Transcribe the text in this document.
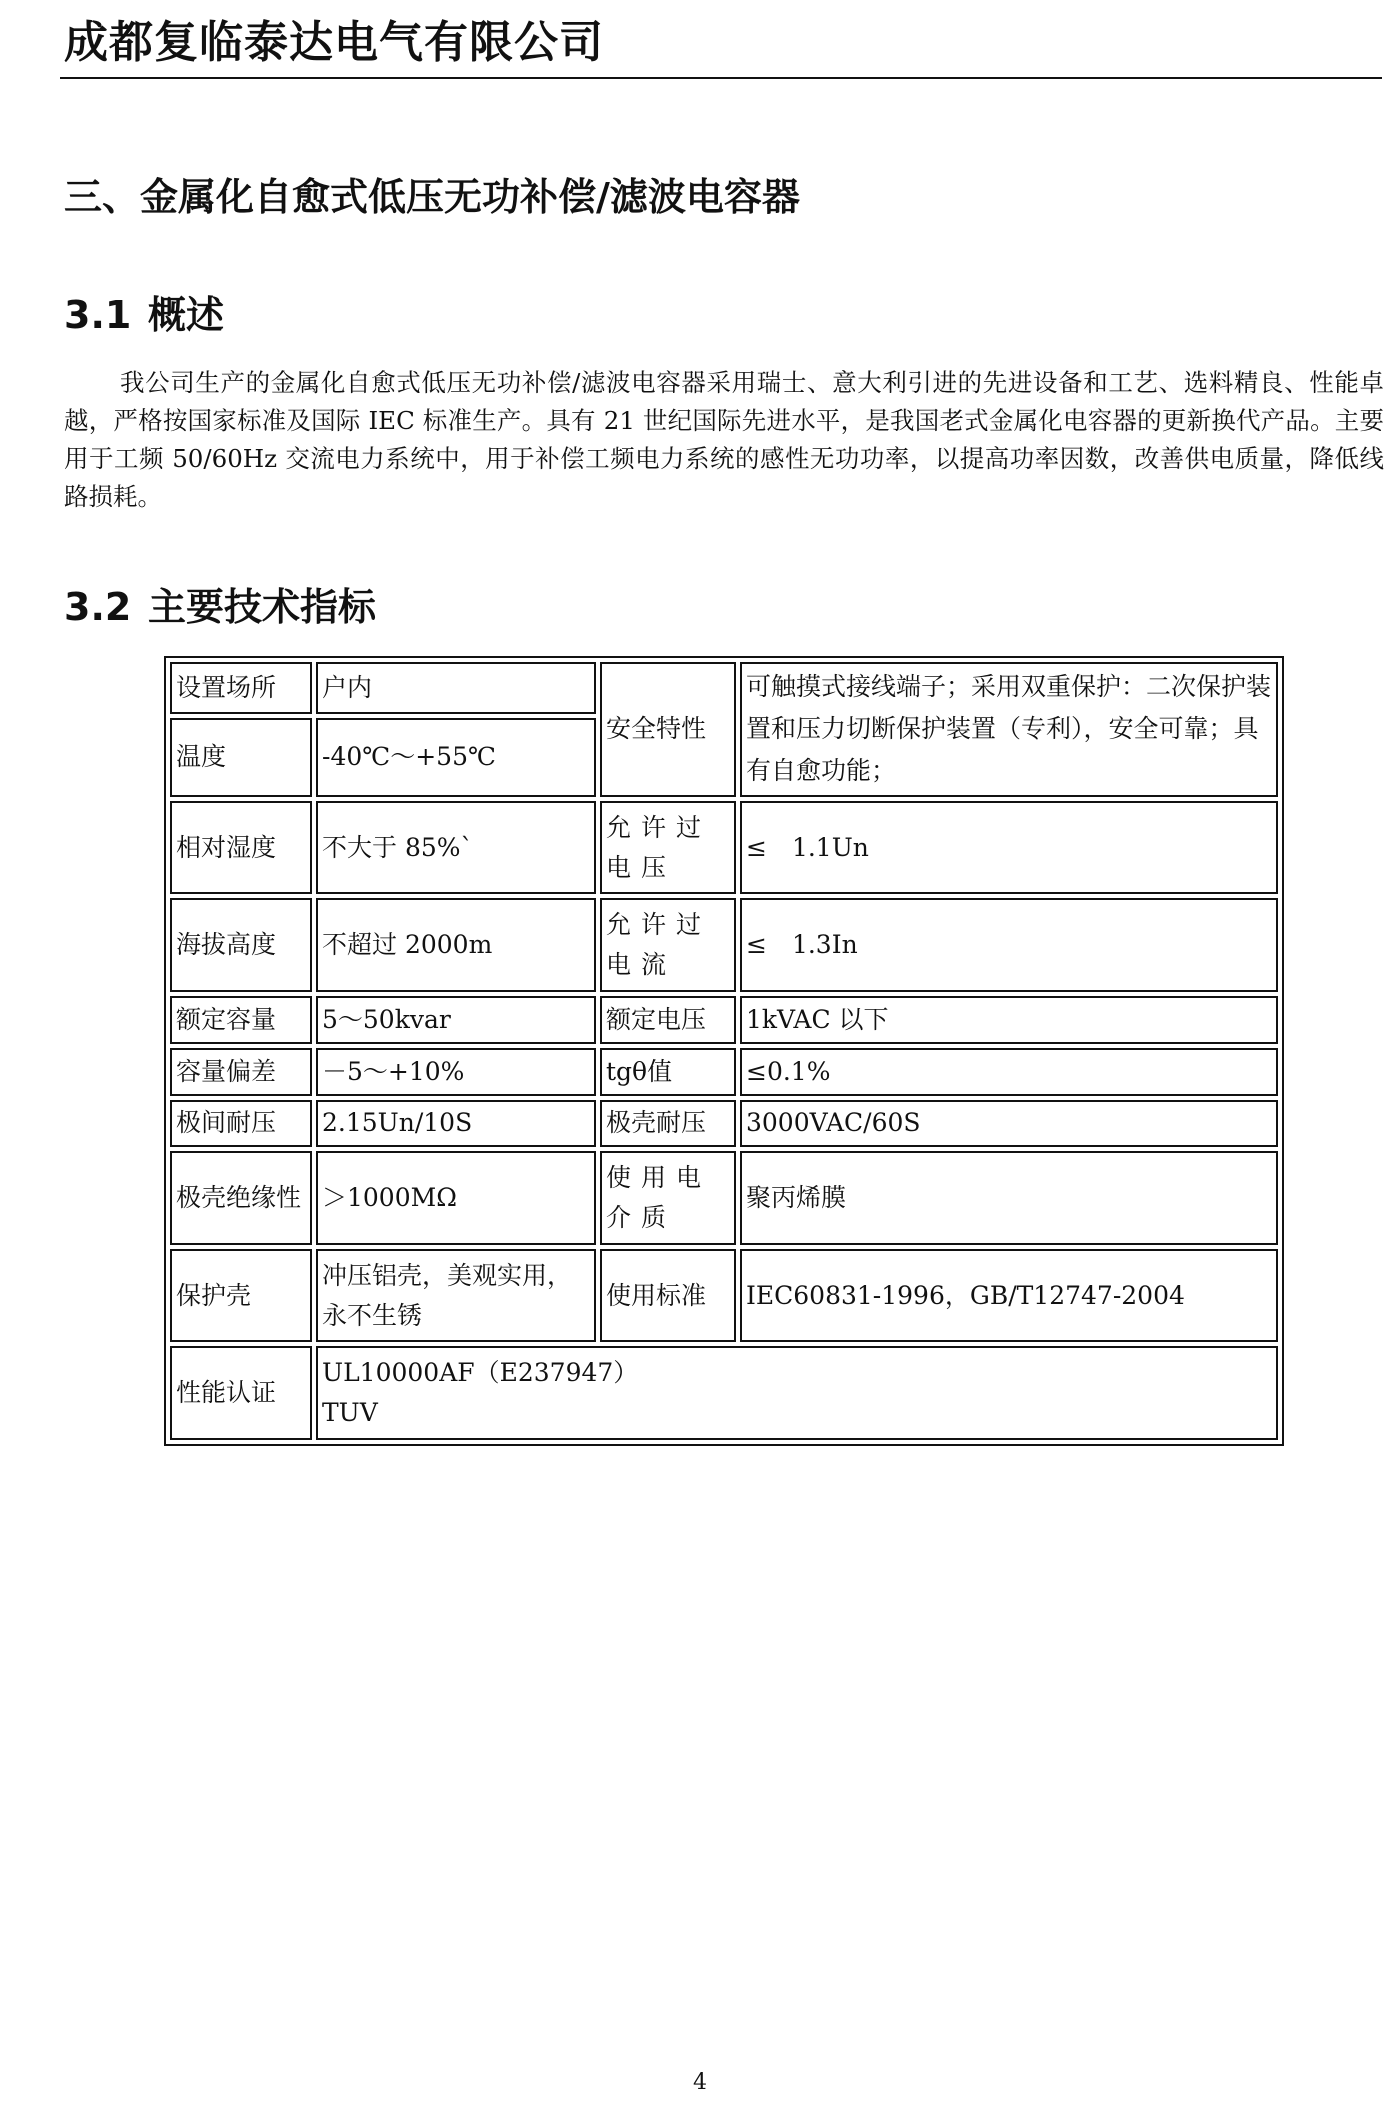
成都复临泰达电气有限公司
三、金属化自愈式低压无功补偿/滤波电容器
3.1 概述

我公司生产的金属化自愈式低压无功补偿/滤波电容器采用瑞士、意大利引进的先进设备和工艺、选料精良、性能卓越，严格按国家标准及国际 IEC 标准生产。具有 21 世纪国际先进水平，是我国老式金属化电容器的更新换代产品。主要用于工频 50/60Hz 交流电力系统中，用于补偿工频电力系统的感性无功功率，以提高功率因数，改善供电质量，降低线路损耗。

3.2 主要技术指标
设置场所	户内	安全特性	可触摸式接线端子；采用双重保护：二次保护装置和压力切断保护装置（专利），安全可靠；具有自愈功能；
温度	-40℃～+55℃		
相对湿度	不大于 85%`	允许过电压	≤　1.1Un
海拔高度	不超过 2000m	允许过电流	≤　1.3In
额定容量	5～50kvar	额定电压	1kVAC 以下
容量偏差	－5～+10%	tgθ值	≤0.1%
极间耐压	2.15Un/10S	极壳耐压	3000VAC/60S
极壳绝缘性	＞1000MΩ	使用电介质	聚丙烯膜
保护壳	冲压铝壳，美观实用，永不生锈	使用标准	IEC60831-1996，GB/T12747-2004
性能认证	UL10000AF（E237947）
TUV		
4
